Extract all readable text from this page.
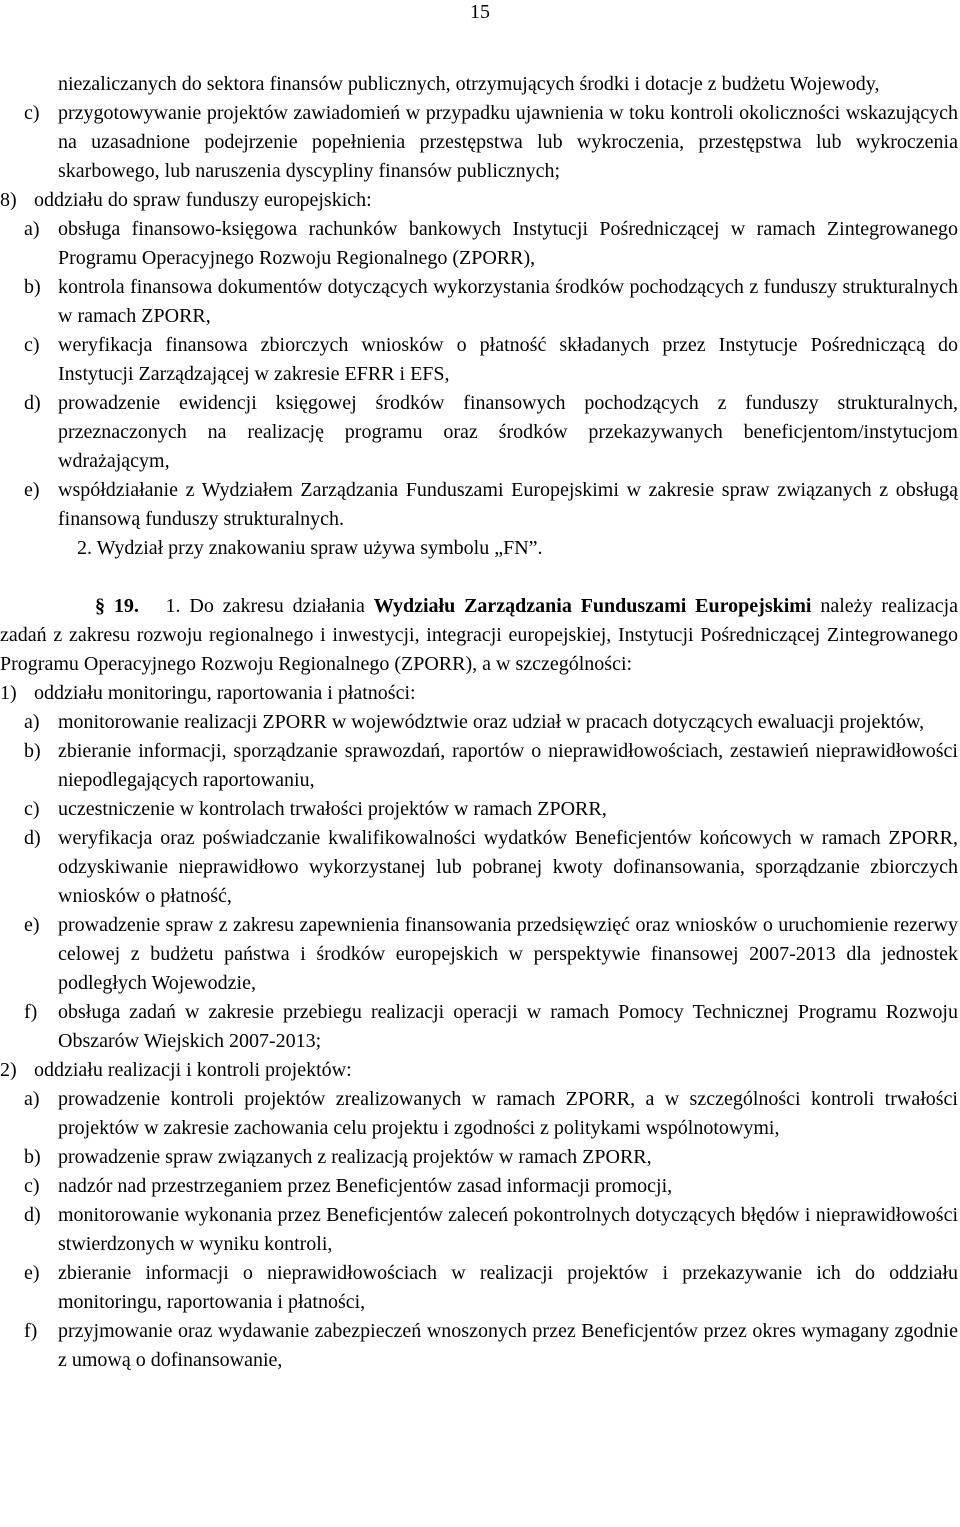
15

niezaliczanych do sektora finansów publicznych, otrzymujących środki i dotacje z budżetu Wojewody,

c) przygotowywanie projektów zawiadomień w przypadku ujawnienia w toku kontroli okoliczności wskazujących na uzasadnione podejrzenie popełnienia przestępstwa lub wykroczenia, przestępstwa lub wykroczenia skarbowego, lub naruszenia dyscypliny finansów publicznych;
8) oddziału do spraw funduszy europejskich:
a) obsługa finansowo-księgowa rachunków bankowych Instytucji Pośredniczącej w ramach Zintegrowanego Programu Operacyjnego Rozwoju Regionalnego (ZPORR),
b) kontrola finansowa dokumentów dotyczących wykorzystania środków pochodzących z funduszy strukturalnych w ramach ZPORR,
c) weryfikacja finansowa zbiorczych wniosków o płatność składanych przez Instytucje Pośredniczącą do Instytucji Zarządzającej w zakresie EFRR i EFS,
d) prowadzenie ewidencji księgowej środków finansowych pochodzących z funduszy strukturalnych, przeznaczonych na realizację programu oraz środków przekazywanych beneficjentom/instytucjom wdrażającym,
e) współdziałanie z Wydziałem Zarządzania Funduszami Europejskimi w zakresie spraw związanych z obsługą finansową funduszy strukturalnych.

2. Wydział przy znakowaniu spraw używa symbolu „FN”.

§ 19. 1. Do zakresu działania Wydziału Zarządzania Funduszami Europejskimi należy realizacja zadań z zakresu rozwoju regionalnego i inwestycji, integracji europejskiej, Instytucji Pośredniczącej Zintegrowanego Programu Operacyjnego Rozwoju Regionalnego (ZPORR), a w szczególności:

1) oddziału monitoringu, raportowania i płatności:
a) monitorowanie realizacji ZPORR w województwie oraz udział w pracach dotyczących ewaluacji projektów,
b) zbieranie informacji, sporządzanie sprawozdań, raportów o nieprawidłowościach, zestawień nieprawidłowości niepodlegających raportowaniu,
c) uczestniczenie w kontrolach trwałości projektów w ramach ZPORR,
d) weryfikacja oraz poświadczanie kwalifikowalności wydatków Beneficjentów końcowych w ramach ZPORR, odzyskiwanie nieprawidłowo wykorzystanej lub pobranej kwoty dofinansowania, sporządzanie zbiorczych wniosków o płatność,
e) prowadzenie spraw z zakresu zapewnienia finansowania przedsięwzięć oraz wniosków o uruchomienie rezerwy celowej z budżetu państwa i środków europejskich w perspektywie finansowej 2007-2013 dla jednostek podległych Wojewodzie,
f)	obsługa zadań w zakresie przebiegu realizacji operacji w ramach Pomocy Technicznej Programu Rozwoju Obszarów Wiejskich 2007-2013;
2) oddziału realizacji i kontroli projektów:
a) prowadzenie kontroli projektów zrealizowanych w ramach ZPORR, a w szczególności kontroli trwałości projektów w zakresie zachowania celu projektu i zgodności z politykami wspólnotowymi,
b) prowadzenie spraw związanych z realizacją projektów w ramach ZPORR,
c) nadzór nad przestrzeganiem przez Beneficjentów zasad informacji promocji,
d) monitorowanie wykonania przez Beneficjentów zaleceń pokontrolnych dotyczących błędów i nieprawidłowości stwierdzonych w wyniku kontroli,
e) zbieranie informacji o nieprawidłowościach w realizacji projektów i przekazywanie ich do oddziału monitoringu, raportowania i płatności,
f)	przyjmowanie oraz wydawanie zabezpieczeń wnoszonych przez Beneficjentów przez okres wymagany zgodnie z umową o dofinansowanie,
